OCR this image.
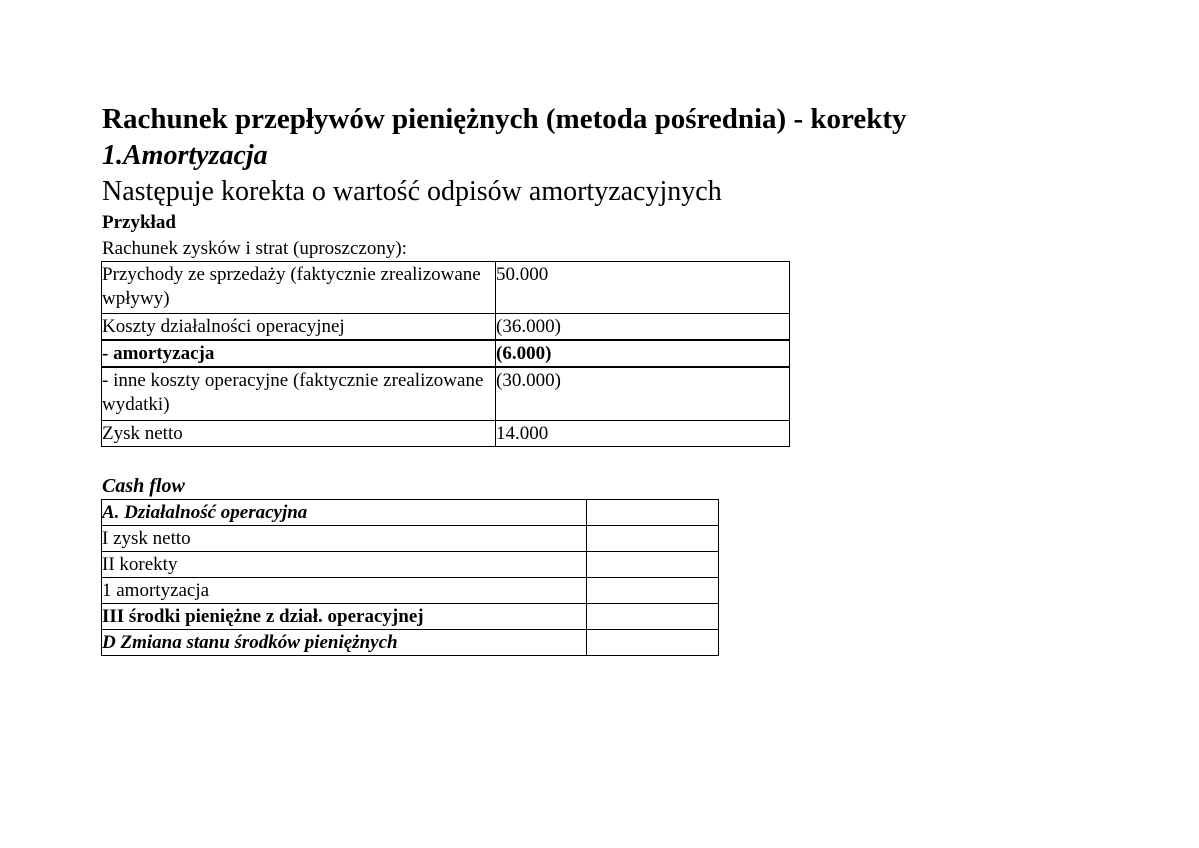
Rachunek przepływów pieniężnych (metoda pośrednia) - korekty
1.Amortyzacja
Następuje korekta o wartość odpisów amortyzacyjnych
Przykład
Rachunek zysków i strat (uproszczony):
Przychody ze sprzedaży (faktycznie zrealizowane wpływy)	50.000
Koszty działalności operacyjnej	(36.000)
- amortyzacja	(6.000)
- inne koszty operacyjne (faktycznie zrealizowane wydatki)	(30.000)
Zysk netto	14.000
Cash flow
A. Działalność operacyjna	
I zysk netto	
II korekty	
1 amortyzacja	
III środki pieniężne z dział. operacyjnej	
D Zmiana stanu środków pieniężnych	
